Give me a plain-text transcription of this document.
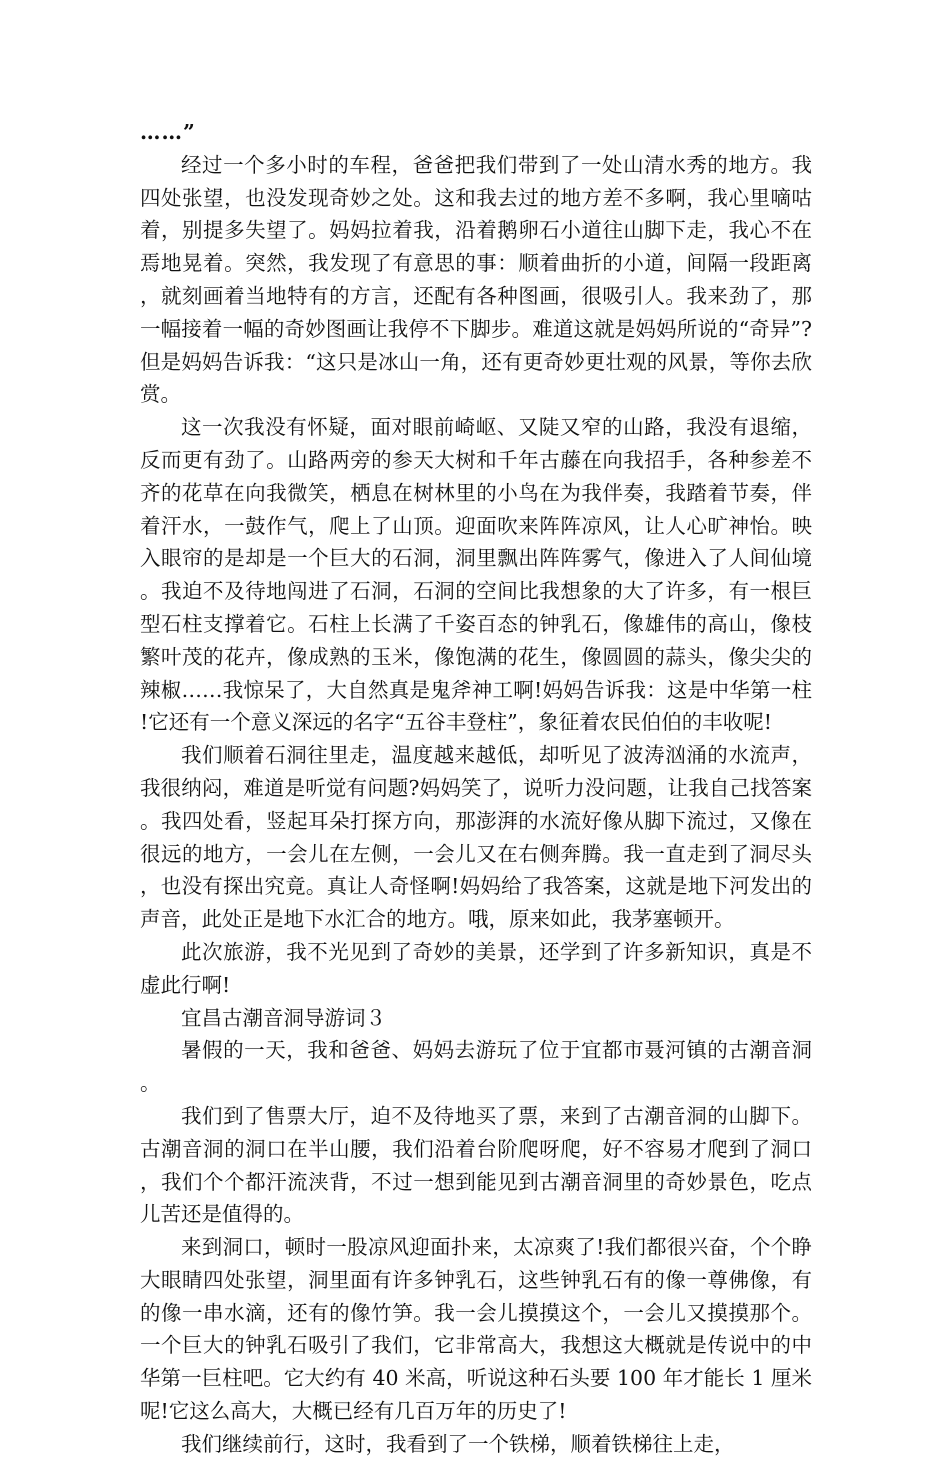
……”

经过一个多小时的车程，爸爸把我们带到了一处山清水秀的地方。我四处张望，也没发现奇妙之处。这和我去过的地方差不多啊，我心里嘀咕着，别提多失望了。妈妈拉着我，沿着鹅卵石小道往山脚下走，我心不在焉地晃着。突然，我发现了有意思的事：顺着曲折的小道，间隔一段距离，就刻画着当地特有的方言，还配有各种图画，很吸引人。我来劲了，那一幅接着一幅的奇妙图画让我停不下脚步。难道这就是妈妈所说的“奇异”?但是妈妈告诉我：“这只是冰山一角，还有更奇妙更壮观的风景，等你去欣赏。

这一次我没有怀疑，面对眼前崎岖、又陡又窄的山路，我没有退缩，反而更有劲了。山路两旁的参天大树和千年古藤在向我招手，各种参差不齐的花草在向我微笑，栖息在树林里的小鸟在为我伴奏，我踏着节奏，伴着汗水，一鼓作气，爬上了山顶。迎面吹来阵阵凉风，让人心旷神怡。映入眼帘的是却是一个巨大的石洞，洞里飘出阵阵雾气，像进入了人间仙境。我迫不及待地闯进了石洞，石洞的空间比我想象的大了许多，有一根巨型石柱支撑着它。石柱上长满了千姿百态的钟乳石，像雄伟的高山，像枝繁叶茂的花卉，像成熟的玉米，像饱满的花生，像圆圆的蒜头，像尖尖的辣椒……我惊呆了，大自然真是鬼斧神工啊!妈妈告诉我：这是中华第一柱!它还有一个意义深远的名字“五谷丰登柱”，象征着农民伯伯的丰收呢!

我们顺着石洞往里走，温度越来越低，却听见了波涛汹涌的水流声，我很纳闷，难道是听觉有问题?妈妈笑了，说听力没问题，让我自己找答案。我四处看，竖起耳朵打探方向，那澎湃的水流好像从脚下流过，又像在很远的地方，一会儿在左侧，一会儿又在右侧奔腾。我一直走到了洞尽头，也没有探出究竟。真让人奇怪啊!妈妈给了我答案，这就是地下河发出的声音，此处正是地下水汇合的地方。哦，原来如此，我茅塞顿开。

此次旅游，我不光见到了奇妙的美景，还学到了许多新知识，真是不虚此行啊!

宜昌古潮音洞导游词３

暑假的一天，我和爸爸、妈妈去游玩了位于宜都市聂河镇的古潮音洞。

我们到了售票大厅，迫不及待地买了票，来到了古潮音洞的山脚下。古潮音洞的洞口在半山腰，我们沿着台阶爬呀爬，好不容易才爬到了洞口，我们个个都汗流浃背，不过一想到能见到古潮音洞里的奇妙景色，吃点儿苦还是值得的。

来到洞口，顿时一股凉风迎面扑来，太凉爽了!我们都很兴奋，个个睁大眼睛四处张望，洞里面有许多钟乳石，这些钟乳石有的像一尊佛像，有的像一串水滴，还有的像竹笋。我一会儿摸摸这个，一会儿又摸摸那个。一个巨大的钟乳石吸引了我们，它非常高大，我想这大概就是传说中的中华第一巨柱吧。它大约有 40 米高，听说这种石头要 100 年才能长 1 厘米呢!它这么高大，大概已经有几百万年的历史了!

我们继续前行，这时，我看到了一个铁梯，顺着铁梯往上走，
